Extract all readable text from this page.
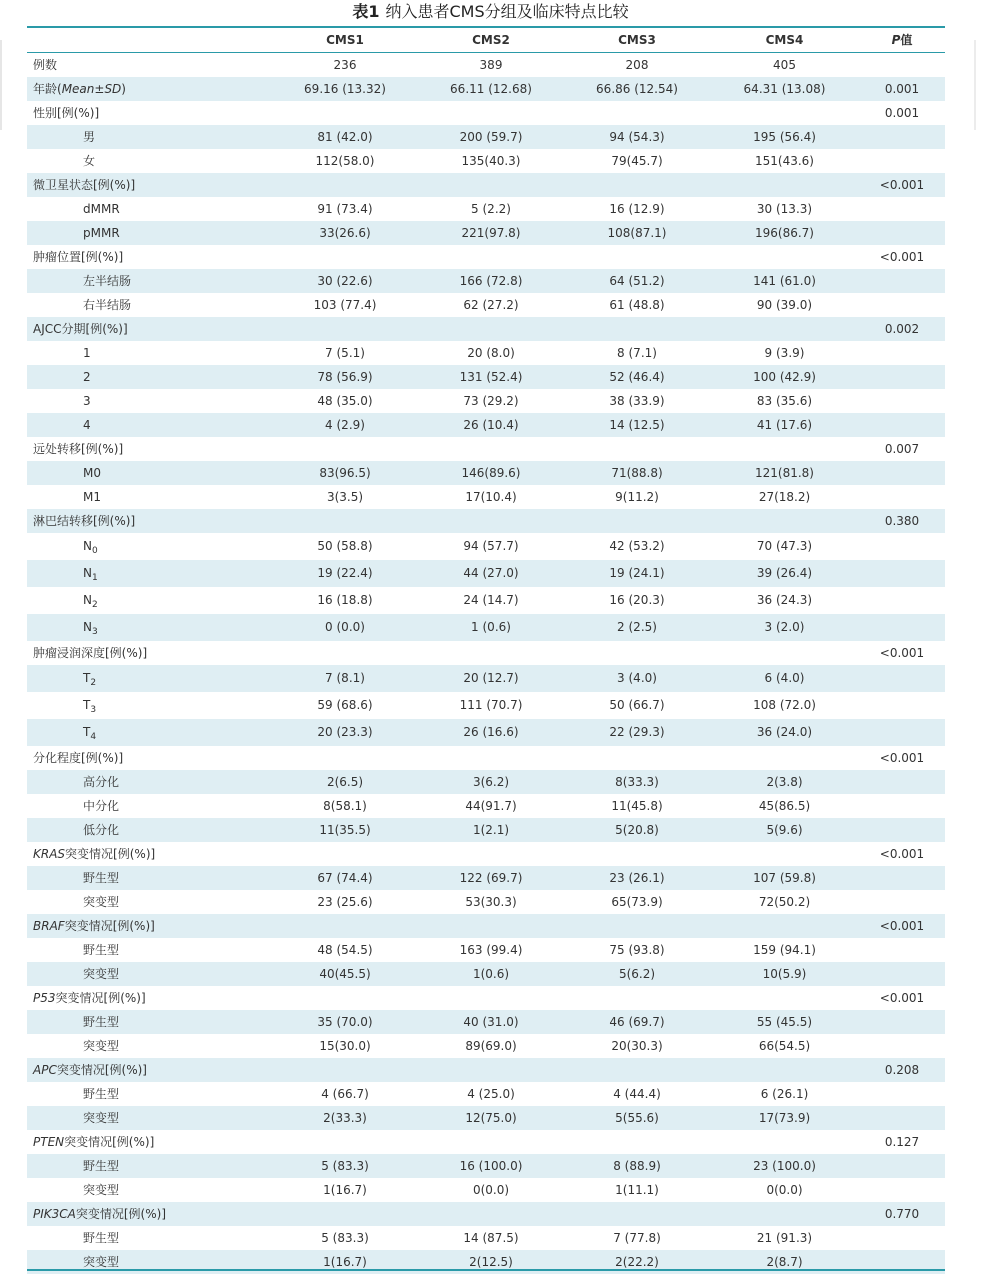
表1 纳入患者CMS分组及临床特点比较
	CMS1	CMS2	CMS3	CMS4	P值
例数	236	389	208	405	
年龄(Mean±SD)	69.16 (13.32)	66.11 (12.68)	66.86 (12.54)	64.31 (13.08)	0.001
性别[例(%)]					0.001
男	81 (42.0)	200 (59.7)	94 (54.3)	195 (56.4)	
女	112(58.0)	135(40.3)	79(45.7)	151(43.6)	
微卫星状态[例(%)]					<0.001
dMMR	91 (73.4)	5 (2.2)	16 (12.9)	30 (13.3)	
pMMR	33(26.6)	221(97.8)	108(87.1)	196(86.7)	
肿瘤位置[例(%)]					<0.001
左半结肠	30 (22.6)	166 (72.8)	64 (51.2)	141 (61.0)	
右半结肠	103 (77.4)	62 (27.2)	61 (48.8)	90 (39.0)	
AJCC分期[例(%)]					0.002
1	7 (5.1)	20 (8.0)	8 (7.1)	9 (3.9)	
2	78 (56.9)	131 (52.4)	52 (46.4)	100 (42.9)	
3	48 (35.0)	73 (29.2)	38 (33.9)	83 (35.6)	
4	4 (2.9)	26 (10.4)	14 (12.5)	41 (17.6)	
远处转移[例(%)]					0.007
M0	83(96.5)	146(89.6)	71(88.8)	121(81.8)	
M1	3(3.5)	17(10.4)	9(11.2)	27(18.2)	
淋巴结转移[例(%)]					0.380
$N_0$	50 (58.8)	94 (57.7)	42 (53.2)	70 (47.3)	
$N_1$	19 (22.4)	44 (27.0)	19 (24.1)	39 (26.4)	
$N_2$	16 (18.8)	24 (14.7)	16 (20.3)	36 (24.3)	
$N_3$	0 (0.0)	1 (0.6)	2 (2.5)	3 (2.0)	
肿瘤浸润深度[例(%)]					<0.001
$T_2$	7 (8.1)	20 (12.7)	3 (4.0)	6 (4.0)	
$T_3$	59 (68.6)	111 (70.7)	50 (66.7)	108 (72.0)	
$T_4$	20 (23.3)	26 (16.6)	22 (29.3)	36 (24.0)	
分化程度[例(%)]					<0.001
高分化	2(6.5)	3(6.2)	8(33.3)	2(3.8)	
中分化	8(58.1)	44(91.7)	11(45.8)	45(86.5)	
低分化	11(35.5)	1(2.1)	5(20.8)	5(9.6)	
KRAS突变情况[例(%)]					<0.001
野生型	67 (74.4)	122 (69.7)	23 (26.1)	107 (59.8)	
突变型	23 (25.6)	53(30.3)	65(73.9)	72(50.2)	
BRAF突变情况[例(%)]					<0.001
野生型	48 (54.5)	163 (99.4)	75 (93.8)	159 (94.1)	
突变型	40(45.5)	1(0.6)	5(6.2)	10(5.9)	
P53突变情况[例(%)]					<0.001
野生型	35 (70.0)	40 (31.0)	46 (69.7)	55 (45.5)	
突变型	15(30.0)	89(69.0)	20(30.3)	66(54.5)	
APC突变情况[例(%)]					0.208
野生型	4 (66.7)	4 (25.0)	4 (44.4)	6 (26.1)	
突变型	2(33.3)	12(75.0)	5(55.6)	17(73.9)	
PTEN突变情况[例(%)]					0.127
野生型	5 (83.3)	16 (100.0)	8 (88.9)	23 (100.0)	
突变型	1(16.7)	0(0.0)	1(11.1)	0(0.0)	
PIK3CA突变情况[例(%)]					0.770
野生型	5 (83.3)	14 (87.5)	7 (77.8)	21 (91.3)	
突变型	1(16.7)	2(12.5)	2(22.2)	2(8.7)	
